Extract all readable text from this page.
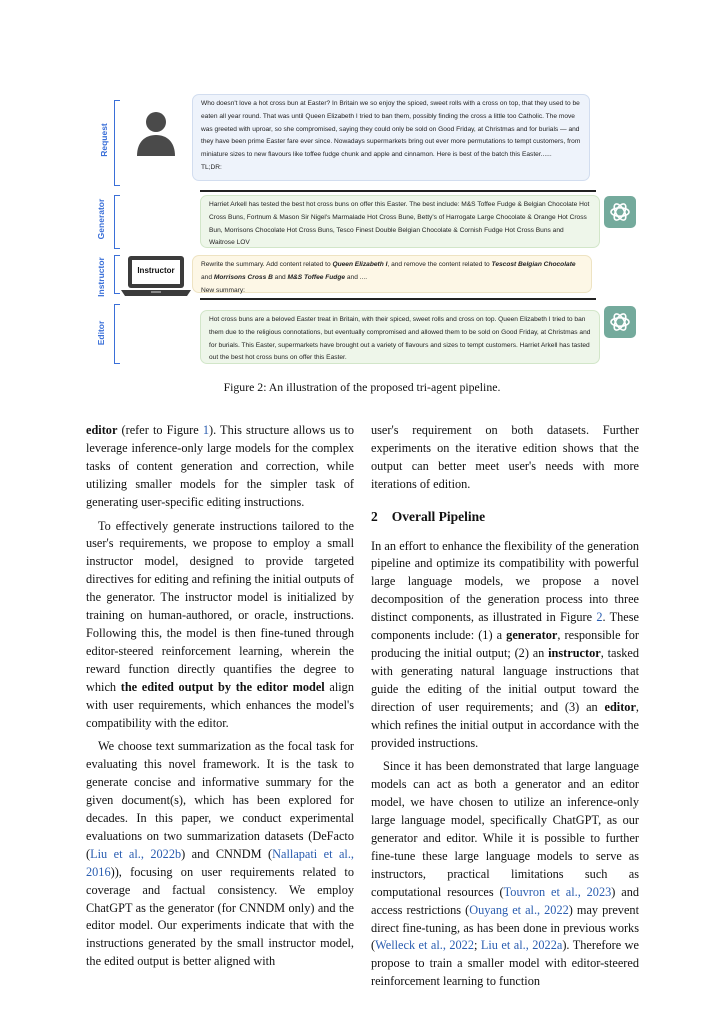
Request
Generator
Instructor
Editor
Instructor
Who doesn't love a hot cross bun at Easter? In Britain we so enjoy the spiced, sweet rolls with a cross on top, that they used to be eaten all year round. That was until Queen Elizabeth I tried to ban them, possibly finding the cross a little too Catholic. The move was greeted with uproar, so she compromised, saying they could only be sold on Good Friday, at Christmas and for burials — and they have been prime Easter fare ever since. Nowadays supermarkets bring out ever more permutations to tempt customers, from miniature sizes to new flavours like toffee fudge chunk and apple and cinnamon. Here is best of the batch this Easter......
TL;DR:
Harriet Arkell has tested the best hot cross buns on offer this Easter. The best include: M&S Toffee Fudge & Belgian Chocolate Hot Cross Buns, Fortnum & Mason Sir Nigel's Marmalade Hot Cross Bune, Betty's of Harrogate Large Chocolate & Orange Hot Cross Bun, Morrisons Chocolate Hot Cross Buns, Tesco Finest Double Belgian Chocolate & Cornish Fudge Hot Cross Buns and Waitrose LOV
Rewrite the summary. Add content related to Queen Elizabeth I, and remove the content related to Tescost Belgian Chocolate and Morrisons Cross B and M&S Toffee Fudge and ....
New summary:
Hot cross buns are a beloved Easter treat in Britain, with their spiced, sweet rolls and cross on top. Queen Elizabeth I tried to ban them due to the religious connotations, but eventually compromised and allowed them to be sold on Good Friday, at Christmas and for burials. This Easter, supermarkets have brought out a variety of flavours and sizes to tempt customers. Harriet Arkell has tasted out the best hot cross buns on offer this Easter.
Figure 2: An illustration of the proposed tri-agent pipeline.

editor (refer to Figure 1). This structure allows us to leverage inference-only large models for the complex tasks of content generation and correction, while utilizing smaller models for the simpler task of generating user-specific editing instructions.

To effectively generate instructions tailored to the user's requirements, we propose to employ a small instructor model, designed to provide targeted directives for editing and refining the initial outputs of the generator. The instructor model is initialized by training on human-authored, or oracle, instructions. Following this, the model is then fine-tuned through editor-steered reinforcement learning, wherein the reward function directly quantifies the degree to which the edited output by the editor model align with user requirements, which enhances the model's compatibility with the editor.

We choose text summarization as the focal task for evaluating this novel framework. It is the task to generate concise and informative summary for the given document(s), which has been explored for decades. In this paper, we conduct experimental evaluations on two summarization datasets (DeFacto (Liu et al., 2022b) and CNNDM (Nallapati et al., 2016)), focusing on user requirements related to coverage and factual consistency. We employ ChatGPT as the generator (for CNNDM only) and the editor model. Our experiments indicate that with the instructions generated by the small instructor model, the edited output is better aligned with

user's requirement on both datasets. Further experiments on the iterative edition shows that the output can better meet user's needs with more iterations of edition.

2 Overall Pipeline

In an effort to enhance the flexibility of the generation pipeline and optimize its compatibility with powerful large language models, we propose a novel decomposition of the generation process into three distinct components, as illustrated in Figure 2. These components include: (1) a generator, responsible for producing the initial output; (2) an instructor, tasked with generating natural language instructions that guide the editing of the initial output toward the direction of user requirements; and (3) an editor, which refines the initial output in accordance with the provided instructions.

Since it has been demonstrated that large language models can act as both a generator and an editor model, we have chosen to utilize an inference-only large language model, specifically ChatGPT, as our generator and editor. While it is possible to further fine-tune these large language models to serve as instructors, practical limitations such as computational resources (Touvron et al., 2023) and access restrictions (Ouyang et al., 2022) may prevent direct fine-tuning, as has been done in previous works (Welleck et al., 2022; Liu et al., 2022a). Therefore we propose to train a smaller model with editor-steered reinforcement learning to function
